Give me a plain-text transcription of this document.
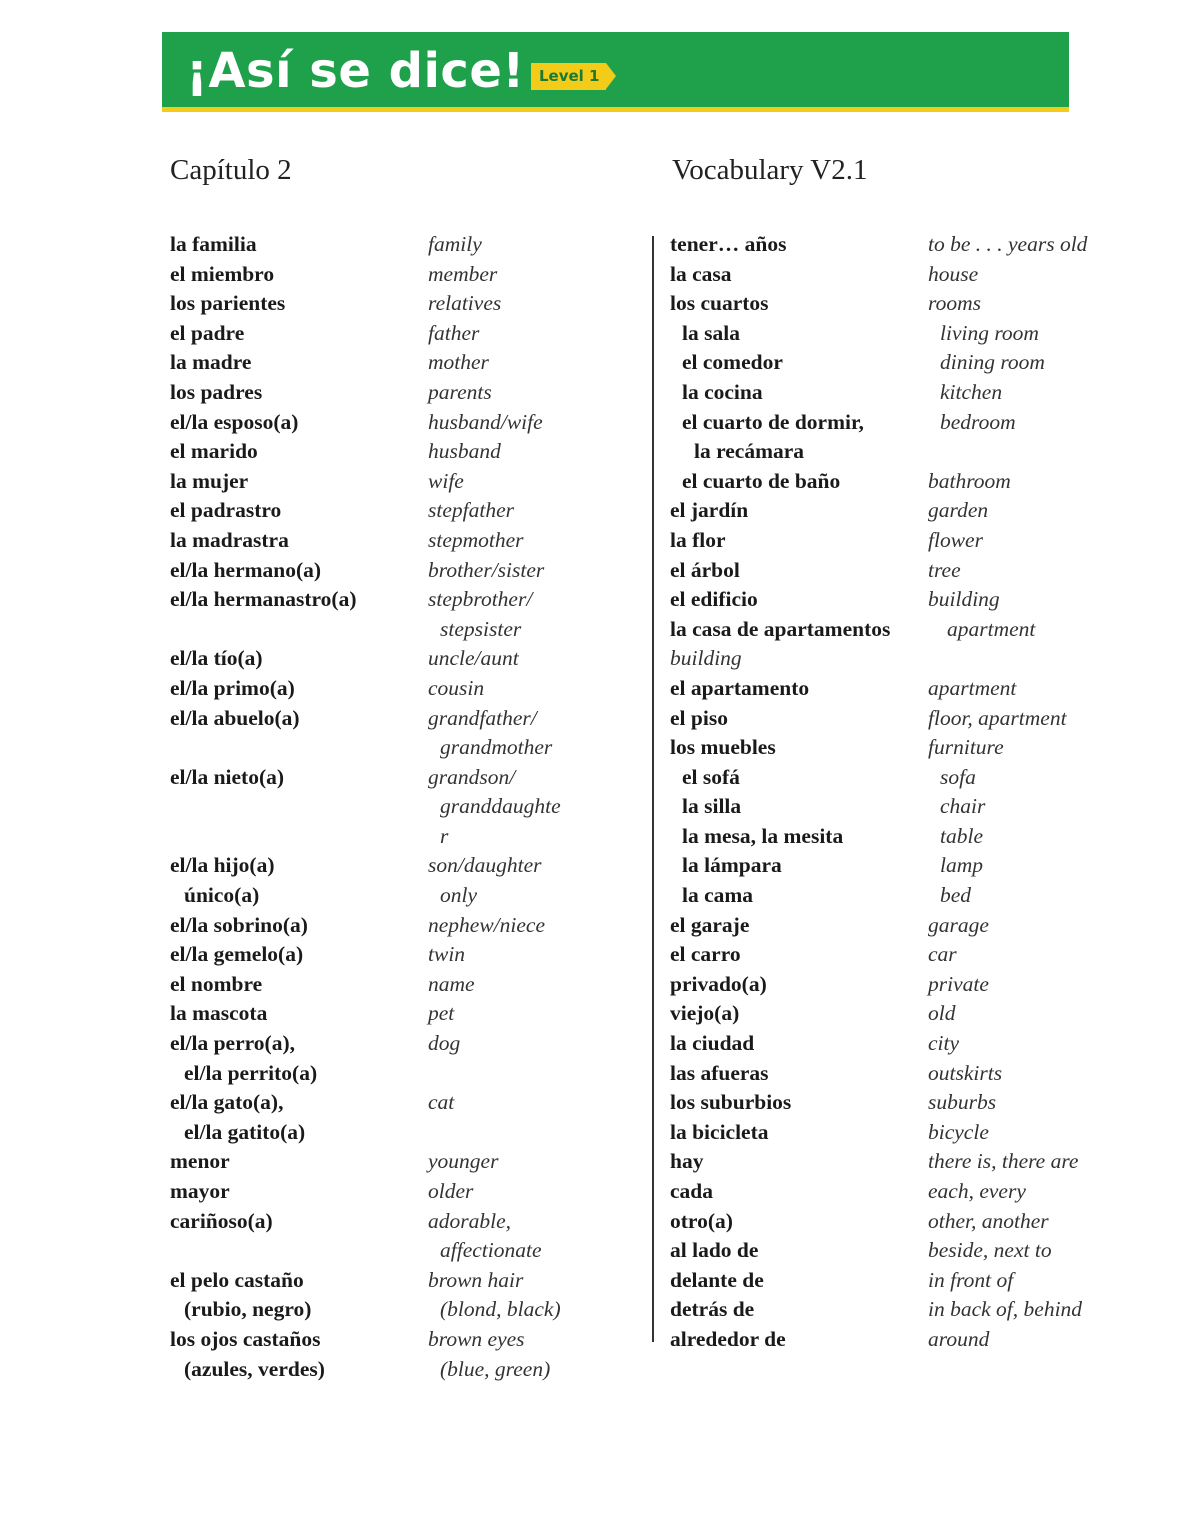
¡Así se dice! Level 1
Capítulo 2	Vocabulary V2.1
la familia	family
el miembro	member
los parientes	relatives
el padre	father
la madre	mother
los padres	parents
el/la esposo(a)	husband/wife
el marido	husband
la mujer	wife
el padrastro	stepfather
la madrastra	stepmother
el/la hermano(a)	brother/sister
el/la hermanastro(a)	stepbrother/
stepsister
el/la tío(a)	uncle/aunt
el/la primo(a)	cousin
el/la abuelo(a)	grandfather/
grandmother
el/la nieto(a)	grandson/
granddaughte
r
el/la hijo(a)	son/daughter
único(a)	only
el/la sobrino(a)	nephew/niece
el/la gemelo(a)	twin
el nombre	name
la mascota	pet
el/la perro(a),	dog
el/la perrito(a)
el/la gato(a),	cat
el/la gatito(a)
menor	younger
mayor	older
cariñoso(a)	adorable,
affectionate
el pelo castaño	brown hair
(rubio, negro)	(blond, black)
los ojos castaños	brown eyes
(azules, verdes)	(blue, green)
tener… años	to be . . . years old
la casa	house
los cuartos	rooms
la sala	living room
el comedor	dining room
la cocina	kitchen
el cuarto de dormir,	bedroom
la recámara
el cuarto de baño	bathroom
el jardín	garden
la flor	flower
el árbol	tree
el edificio	building
la casa de apartamentos	apartment
building
el apartamento	apartment
el piso	floor, apartment
los muebles	furniture
el sofá	sofa
la silla	chair
la mesa, la mesita	table
la lámpara	lamp
la cama	bed
el garaje	garage
el carro	car
privado(a)	private
viejo(a)	old
la ciudad	city
las afueras	outskirts
los suburbios	suburbs
la bicicleta	bicycle
hay	there is, there are
cada	each, every
otro(a)	other, another
al lado de	beside, next to
delante de	in front of
detrás de	in back of, behind
alrededor de	around
